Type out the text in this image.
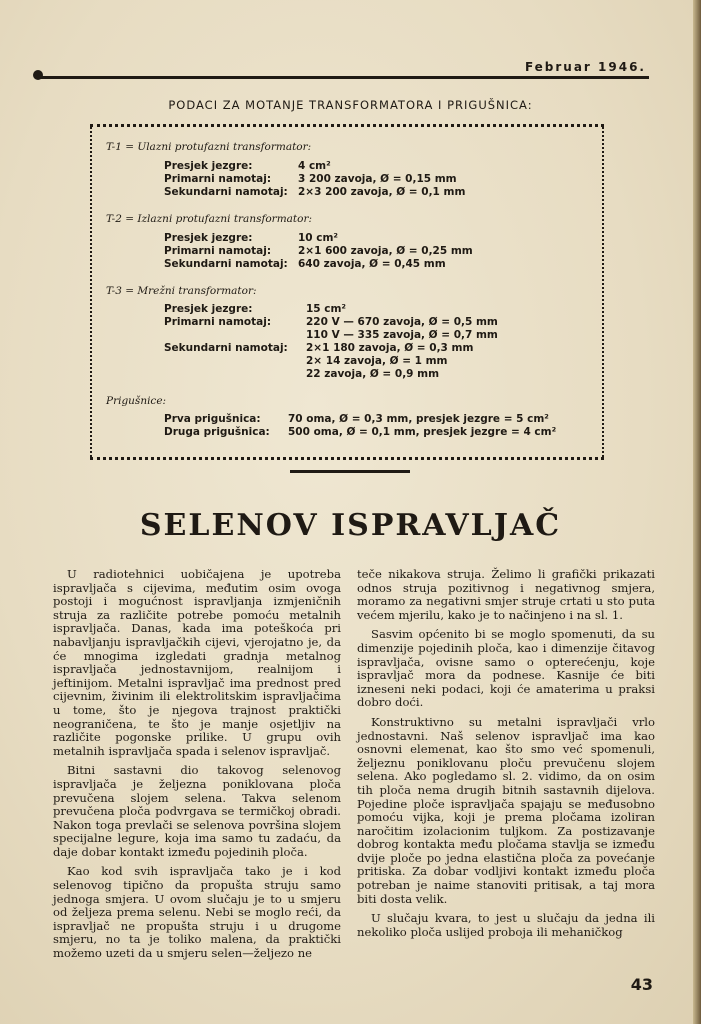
Februar 1946.
PODACI ZA MOTANJE TRANSFORMATORA I PRIGUŠNICA:
T-1 = Ulazni protufazni transformator:
Presjek jezgre:	4 cm²
Primarni namotaj:	3 200 zavoja, Ø = 0,15 mm
Sekundarni namotaj: 2×3 200 zavoja, Ø = 0,1 mm
T-2 = Izlazni protufazni transformator:
Presjek jezgre:	10 cm²
Primarni namotaj:	2×1 600 zavoja, Ø = 0,25 mm
Sekundarni namotaj: 640 zavoja, Ø = 0,45 mm
T-3 = Mrežni transformator:
Presjek jezgre:	15 cm²
Primarni namotaj:	220 V — 670 zavoja, Ø = 0,5 mm
110 V — 335 zavoja, Ø = 0,7 mm
Sekundarni namotaj: 2×1 180 zavoja, Ø = 0,3 mm
2× 14 zavoja, Ø = 1 mm
22 zavoja, Ø = 0,9 mm
Prigušnice:
Prva prigušnica:	70 oma, Ø = 0,3 mm, presjek jezgre = 5 cm²
Druga prigušnica: 500 oma, Ø = 0,1 mm, presjek jezgre = 4 cm²
SELENOV ISPRAVLJAČ

U radiotehnici uobičajena je upotreba ispravljača s cijevima, međutim osim ovoga postoji i mogućnost ispravljanja izmjeničnih struja za različite potrebe pomoću metalnih ispravljača. Danas, kada ima poteškoća pri nabavljanju ispravljačkih cijevi, vjerojatno je, da će mnogima izgledati gradnja metalnog ispravljača jednostavnijom, realnijom i jeftinijom. Metalni ispravljač ima prednost pred cijevnim, živinim ili elektrolitskim ispravljačima u tome, što je njegova trajnost praktički neograničena, te što je manje osjetljiv na različite pogonske prilike. U grupu ovih metalnih ispravljača spada i selenov ispravljač.

Bitni sastavni dio takovog selenovog ispravljača je željezna poniklovana ploča prevučena slojem selena. Takva selenom prevučena ploča podvrgava se termičkoj obradi. Nakon toga prevlači se selenova površina slojem specijalne legure, koja ima samo tu zadaću, da daje dobar kontakt između pojedinih ploča.

Kao kod svih ispravljača tako je i kod selenovog tipično da propušta struju samo jednoga smjera. U ovom slučaju je to u smjeru od željeza prema selenu. Nebi se moglo reći, da ispravljač ne propušta struju i u drugome smjeru, no ta je toliko malena, da praktički možemo uzeti da u smjeru selen—željezo ne

teče nikakova struja. Želimo li grafički prikazati odnos struja pozitivnog i negativnog smjera, moramo za negativni smjer struje crtati u sto puta većem mjerilu, kako je to načinjeno i na sl. 1.

Sasvim općenito bi se moglo spomenuti, da su dimenzije pojedinih ploča, kao i dimenzije čitavog ispravljača, ovisne samo o opterećenju, koje ispravljač mora da podnese. Kasnije će biti izneseni neki podaci, koji će amaterima u praksi dobro doći.

Konstruktivno su metalni ispravljači vrlo jednostavni. Naš selenov ispravljač ima kao osnovni elemenat, kao što smo već spomenuli, željeznu poniklovanu ploču prevučenu slojem selena. Ako pogledamo sl. 2. vidimo, da on osim tih ploča nema drugih bitnih sastavnih dijelova. Pojedine ploče ispravljača spajaju se međusobno pomoću vijka, koji je prema pločama izoliran naročitim izolacionim tuljkom. Za postizavanje dobrog kontakta među pločama stavlja se između dvije ploče po jedna elastična ploča za povećanje pritiska. Za dobar vodljivi kontakt između ploča potreban je naime stanoviti pritisak, a taj mora biti dosta velik.

U slučaju kvara, to jest u slučaju da jedna ili nekoliko ploča uslijed proboja ili mehaničkog

43
